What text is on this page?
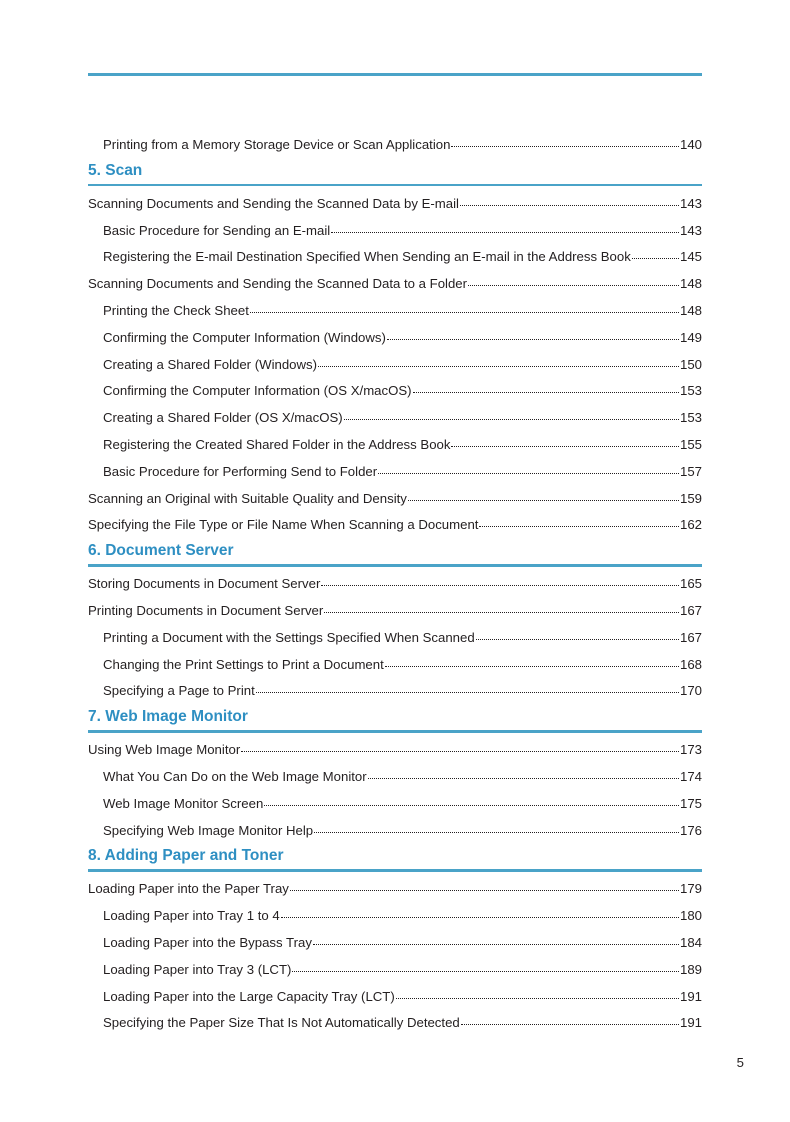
Printing from a Memory Storage Device or Scan Application	140
5. Scan
Scanning Documents and Sending the Scanned Data by E-mail	143
Basic Procedure for Sending an E-mail	143
Registering the E-mail Destination Specified When Sending an E-mail in the Address Book	145
Scanning Documents and Sending the Scanned Data to a Folder	148
Printing the Check Sheet	148
Confirming the Computer Information (Windows)	149
Creating a Shared Folder (Windows)	150
Confirming the Computer Information (OS X/macOS)	153
Creating a Shared Folder (OS X/macOS)	153
Registering the Created Shared Folder in the Address Book	155
Basic Procedure for Performing Send to Folder	157
Scanning an Original with Suitable Quality and Density	159
Specifying the File Type or File Name When Scanning a Document	162
6. Document Server
Storing Documents in Document Server	165
Printing Documents in Document Server	167
Printing a Document with the Settings Specified When Scanned	167
Changing the Print Settings to Print a Document	168
Specifying a Page to Print	170
7. Web Image Monitor
Using Web Image Monitor	173
What You Can Do on the Web Image Monitor	174
Web Image Monitor Screen	175
Specifying Web Image Monitor Help	176
8. Adding Paper and Toner
Loading Paper into the Paper Tray	179
Loading Paper into Tray 1 to 4	180
Loading Paper into the Bypass Tray	184
Loading Paper into Tray 3 (LCT)	189
Loading Paper into the Large Capacity Tray (LCT)	191
Specifying the Paper Size That Is Not Automatically Detected	191
5
